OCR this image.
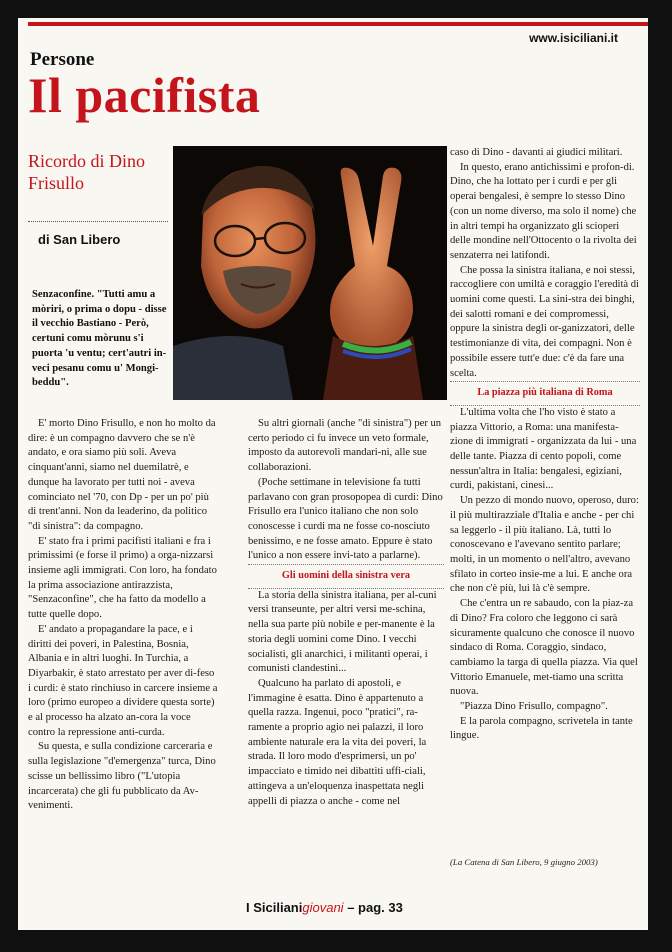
www.isiciliani.it
Persone
Il pacifista
Ricordo di Dino Frisullo
di San Libero
Senzaconfine. "Tutti amu a mòriri, o prima o dopu - disse il vecchio Bastiano - Però, certuni comu mòrunu s'i puorta 'u ventu; cert'autri in-veci pesanu comu u' Mongi-beddu".

E' morto Dino Frisullo, e non ho molto da dire: è un compagno davvero che se n'è andato, e ora siamo più soli. Aveva cinquant'anni, siamo nel duemilatrè, e dunque ha lavorato per tutti noi - aveva cominciato nel '70, con Dp - per un po' più di trent'anni. Non da leaderino, da politico "di sinistra": da compagno.

E' stato fra i primi pacifisti italiani e fra i primissimi (e forse il primo) a orga-nizzarsi insieme agli immigrati. Con loro, ha fondato la prima associazione antirazzista, "Senzaconfine", che ha fatto da modello a tutte quelle dopo.

E' andato a propagandare la pace, e i diritti dei poveri, in Palestina, Bosnia, Albania e in altri luoghi. In Turchia, a Diyarbakir, è stato arrestato per aver di-feso i curdi: è stato rinchiuso in carcere insieme a loro (primo europeo a dividere questa sorte) e al processo ha alzato an-cora la voce contro la repressione anti-curda.

Su questa, e sulla condizione carceraria e sulla legislazione "d'emergenza" turca, Dino scisse un bellissimo libro ("L'utopia incarcerata) che gli fu pubblicato da Av-venimenti.

Su altri giornali (anche "di sinistra") per un certo periodo ci fu invece un veto formale, imposto da autorevoli mandari-ni, alle sue collaborazioni.

(Poche settimane in televisione fa tutti parlavano con gran prosopopea di curdi: Dino Frisullo era l'unico italiano che non solo conoscesse i curdi ma ne fosse co-nosciuto benissimo, e ne fosse amato. Eppure è stato l'unico a non essere invi-tato a parlarne).

Gli uomini della sinistra vera

La storia della sinistra italiana, per al-cuni versi transeunte, per altri versi me-schina, nella sua parte più nobile e per-manente è la storia degli uomini come Dino. I vecchi socialisti, gli anarchici, i militanti operai, i comunisti clandestini...

Qualcuno ha parlato di apostoli, e l'immagine è esatta. Dino è appartenuto a quella razza. Ingenui, poco "pratici", ra-ramente a proprio agio nei palazzi, il loro ambiente naturale era la vita dei poveri, la strada. Il loro modo d'esprimersi, un po' impacciato e timido nei dibattiti uffi-ciali, attingeva a un'eloquenza inaspettata negli appelli di piazza o anche - come nel

caso di Dino - davanti ai giudici militari.

In questo, erano antichissimi e profon-di. Dino, che ha lottato per i curdi e per gli operai bengalesi, è sempre lo stesso Dino (con un nome diverso, ma solo il nome) che in altri tempi ha organizzato gli scioperi delle mondine nell'Ottocento o la rivolta dei senzaterra nei latifondi.

Che possa la sinistra italiana, e noi stessi, raccogliere con umiltà e coraggio l'eredità di uomini come questi. La sini-stra dei binghi, dei salotti romani e dei compromessi, oppure la sinistra degli or-ganizzatori, delle testimonianze di vita, dei compagni. Non è possibile essere tutt'e due: c'è da fare una scelta.

La piazza più italiana di Roma

L'ultima volta che l'ho visto è stato a piazza Vittorio, a Roma: una manifesta-zione di immigrati - organizzata da lui - una delle tante. Piazza di cento popoli, come nessun'altra in Italia: bengalesi, egiziani, curdi, pakistani, cinesi...

Un pezzo di mondo nuovo, operoso, duro: il più multirazziale d'Italia e anche - per chi sa leggerlo - il più italiano. Là, tutti lo conoscevano e l'avevano sentito parlare; molti, in un momento o nell'altro, avevano sfilato in corteo insie-me a lui. E anche ora che non c'è più, lui là c'è sempre.

Che c'entra un re sabaudo, con la piaz-za di Dino? Fra coloro che leggono ci sarà sicuramente qualcuno che conosce il nuovo sindaco di Roma. Coraggio, sindaco, cambiamo la targa di quella piazza. Via quel Vittorio Emanuele, met-tiamo una scritta nuova.

"Piazza Dino Frisullo, compagno".

E la parola compagno, scrivetela in tante lingue.

(La Catena di San Libero, 9 giugno 2003)
I Sicilianigiovani – pag. 33
